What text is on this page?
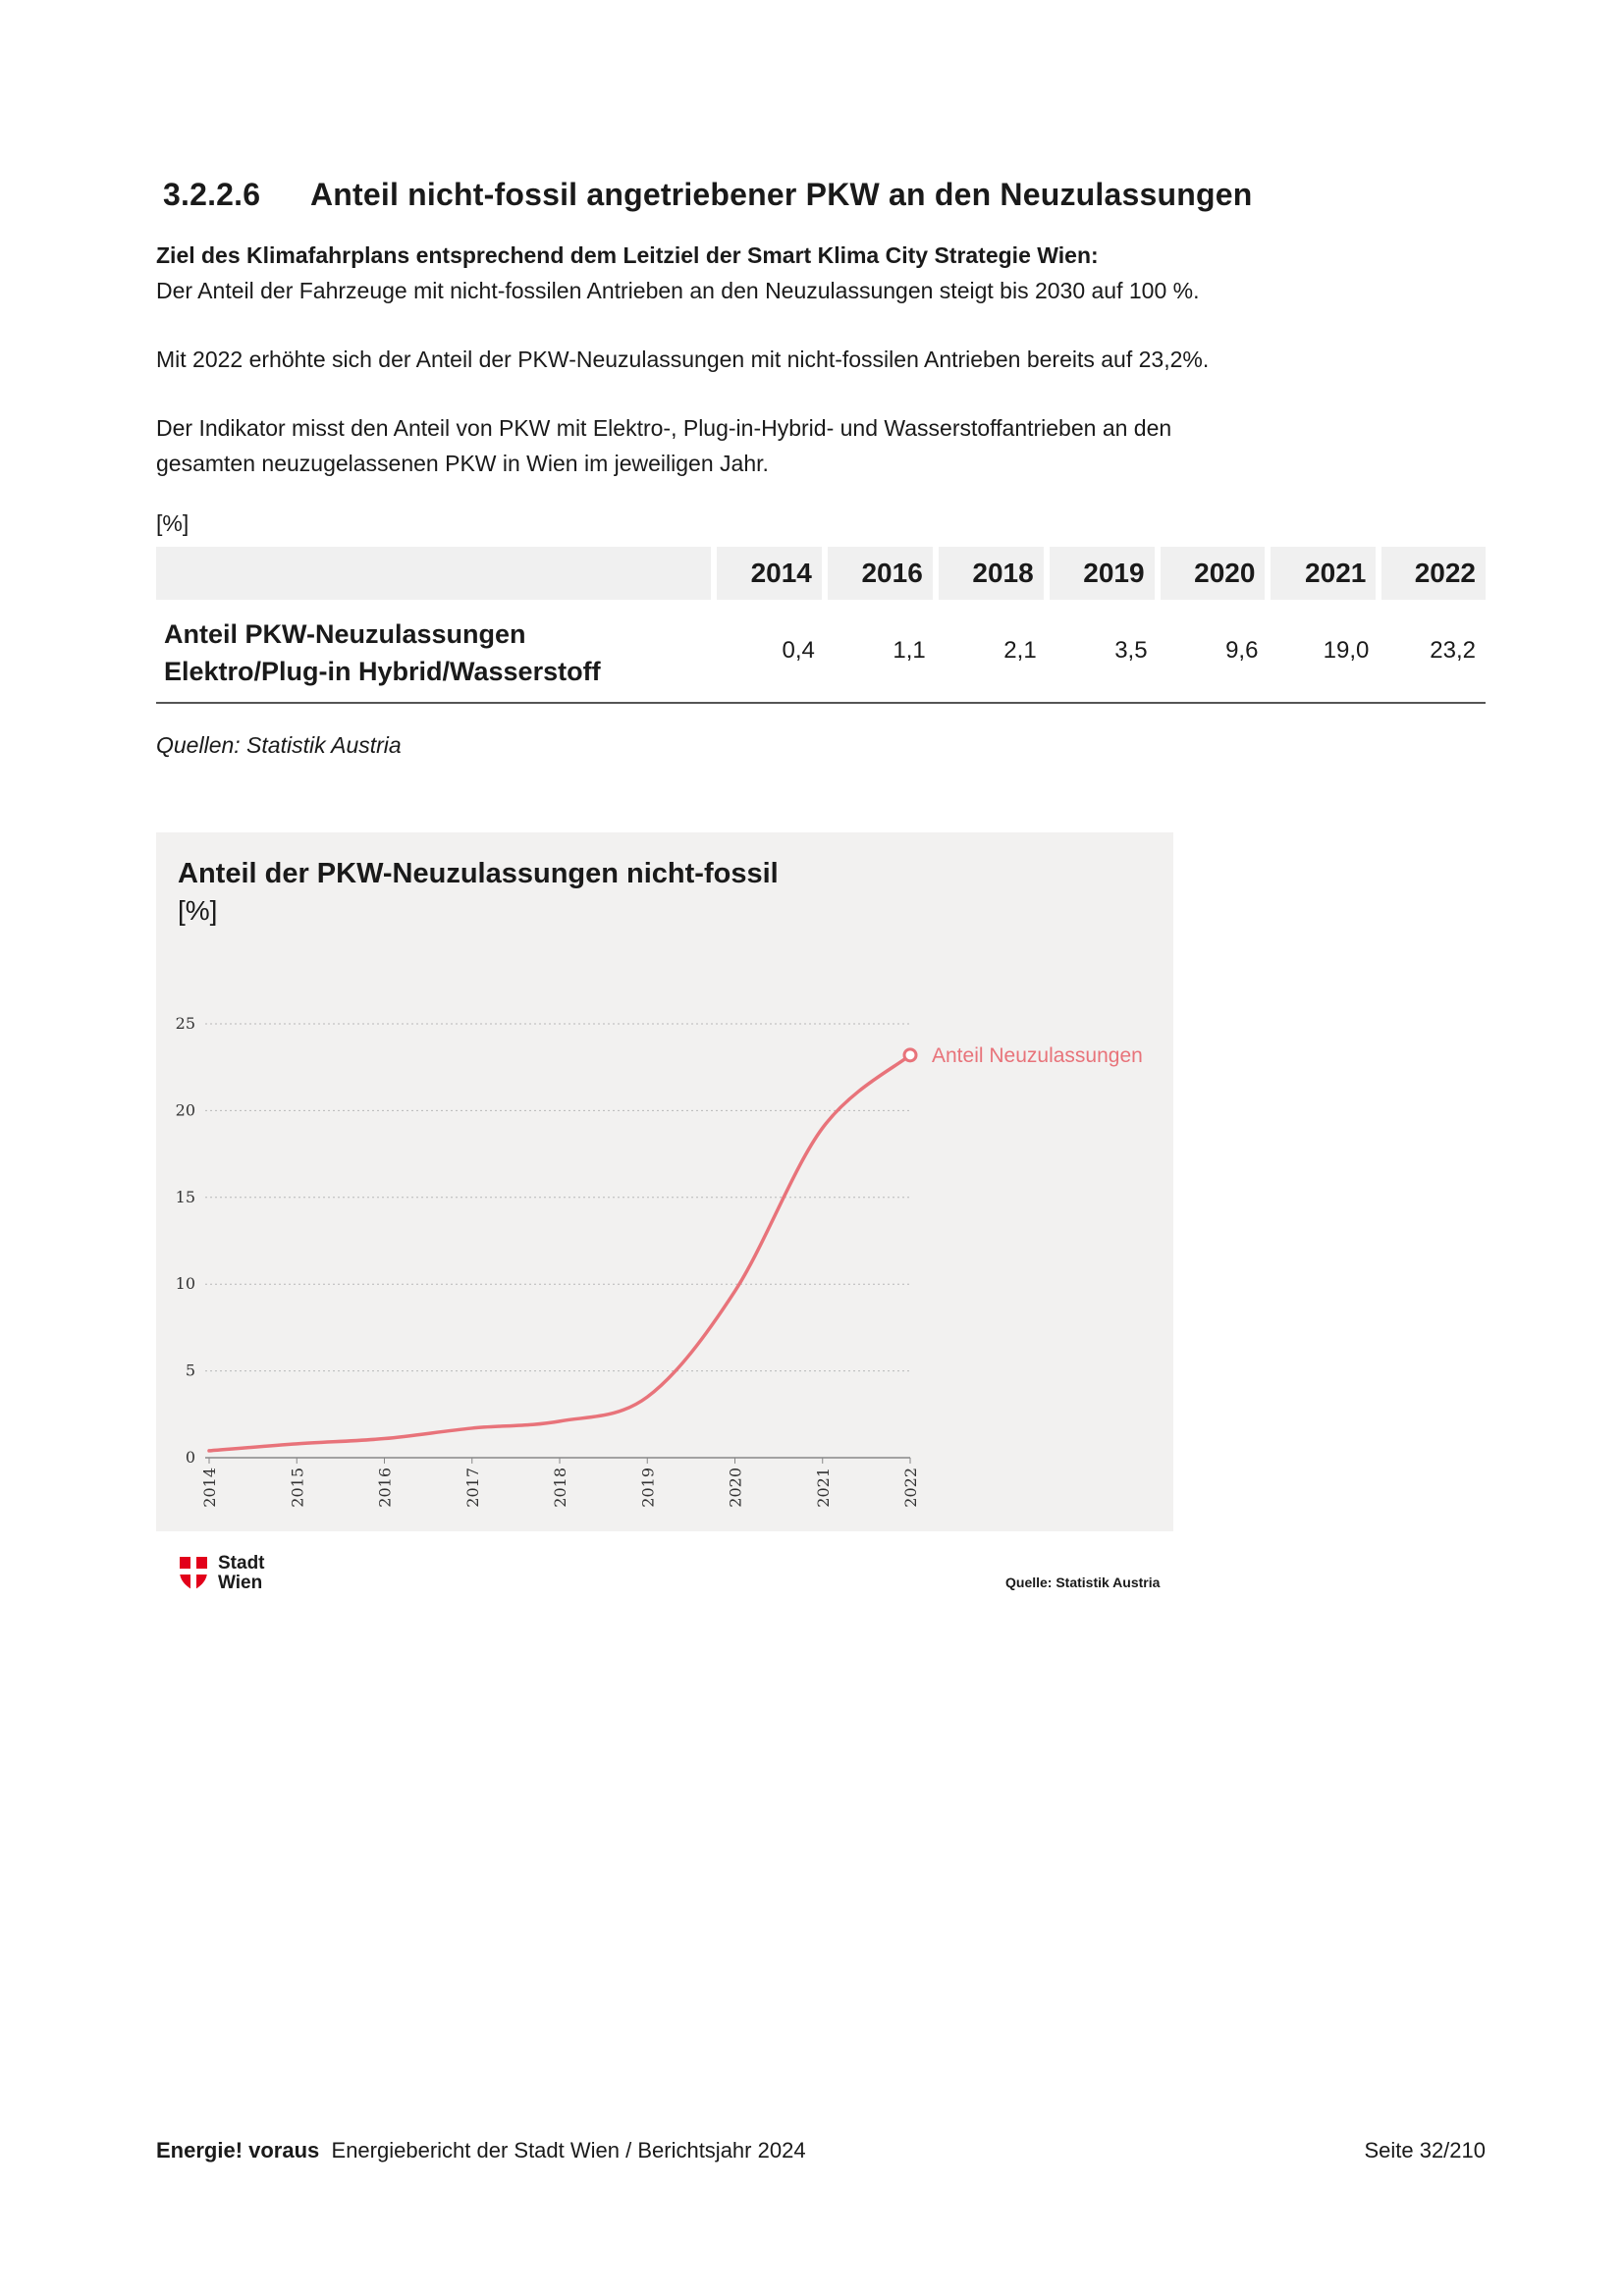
3.2.2.6 Anteil nicht-fossil angetriebener PKW an den Neuzulassungen

Ziel des Klimafahrplans entsprechend dem Leitziel der Smart Klima City Strategie Wien:

Der Anteil der Fahrzeuge mit nicht-fossilen Antrieben an den Neuzulassungen steigt bis 2030 auf 100 %.

Mit 2022 erhöhte sich der Anteil der PKW-Neuzulassungen mit nicht-fossilen Antrieben bereits auf 23,2%.

Der Indikator misst den Anteil von PKW mit Elektro-, Plug-in-Hybrid- und Wasserstoffantrieben an den

gesamten neuzugelassenen PKW in Wien im jeweiligen Jahr.

[%]
	2014	2016	2018	2019	2020	2021	2022

Anteil PKW-Neuzulassungen
Elektro/Plug-in Hybrid/Wasserstoff	0,4	1,1	2,1	3,5	9,6	19,0	23,2
Quellen: Statistik Austria
Anteil der PKW-Neuzulassungen nicht-fossil
[%]
0
5
10
15
20
25
2014	2015	2016	2017	2018	2019	2020	2021	2022
Anteil Neuzulassungen
Stadt
Wien	Quelle: Statistik Austria
Energie! voraus Energiebericht der Stadt Wien / Berichtsjahr 2024	Seite 32/210
